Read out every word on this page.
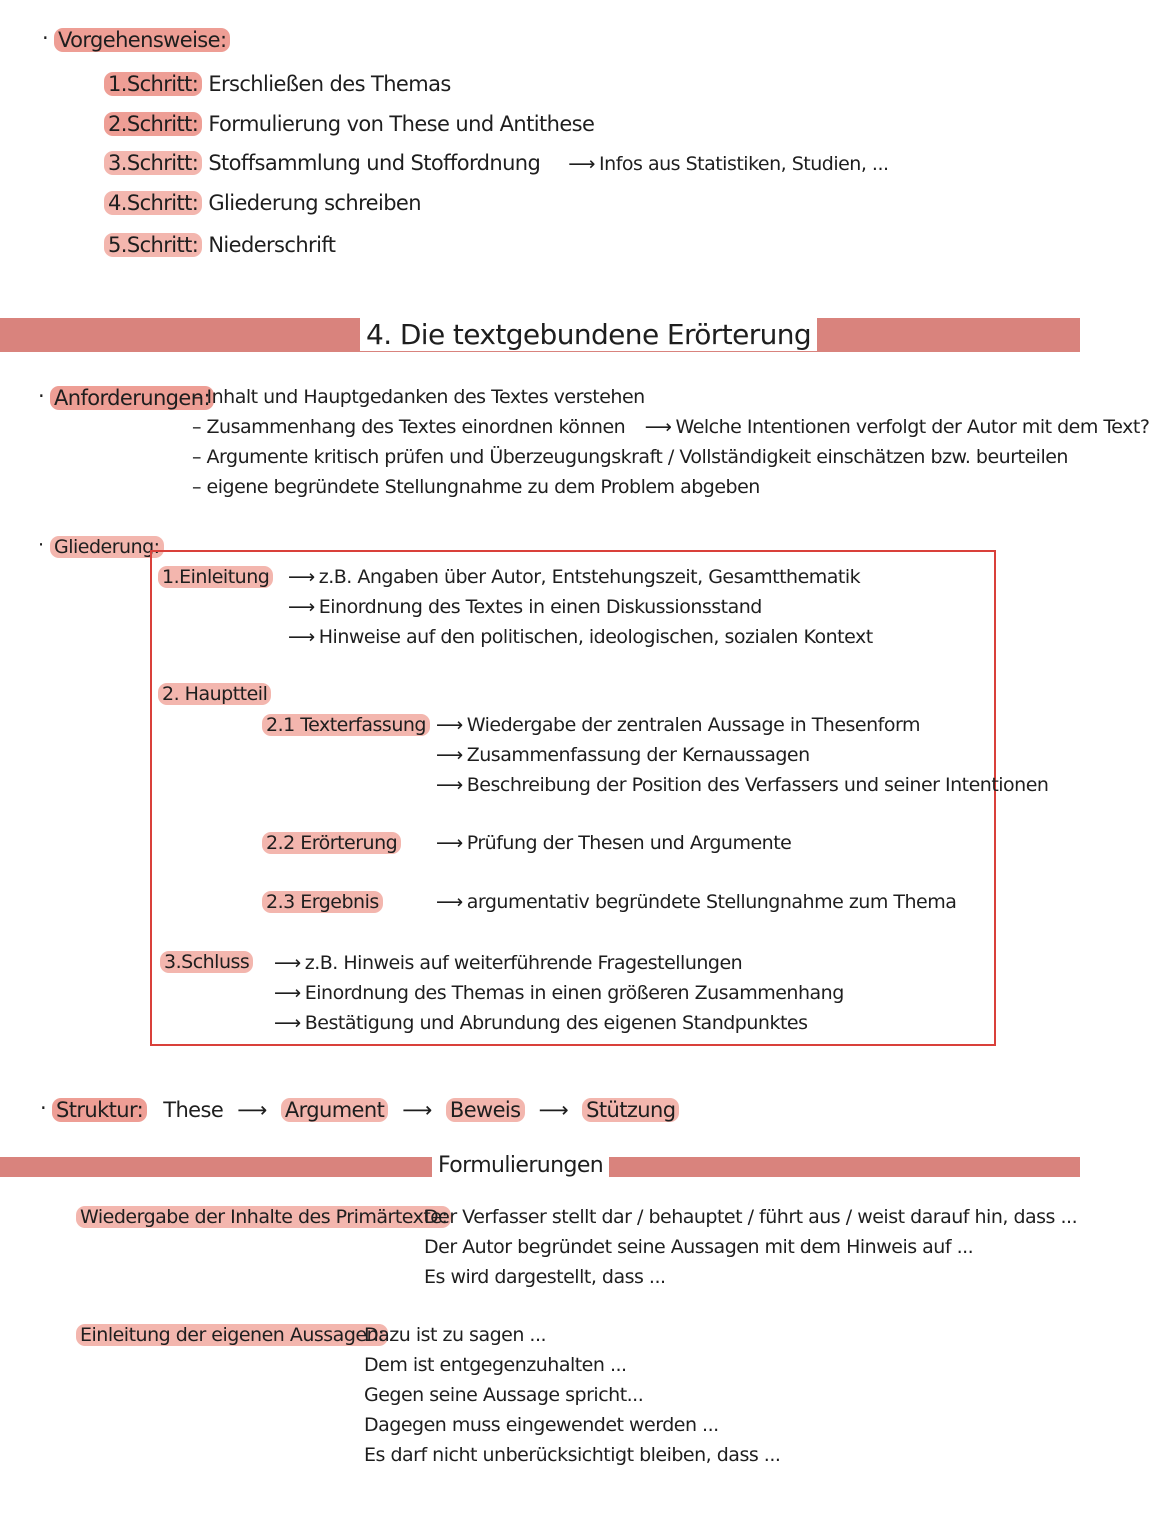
· Vorgehensweise:
1.Schritt: Erschließen des Themas
2.Schritt: Formulierung von These und Antithese
3.Schritt: Stoffsammlung und Stoffordnung ⟶ Infos aus Statistiken, Studien, ...
4.Schritt: Gliederung schreiben
5.Schritt: Niederschrift
4. Die textgebundene Erörterung
· Anforderungen:
– Inhalt und Hauptgedanken des Textes verstehen
– Zusammenhang des Textes einordnen können ⟶ Welche Intentionen verfolgt der Autor mit dem Text?
– Argumente kritisch prüfen und Überzeugungskraft / Vollständigkeit einschätzen bzw. beurteilen
– eigene begründete Stellungnahme zu dem Problem abgeben
· Gliederung:
1.Einleitung ⟶ z.B. Angaben über Autor, Entstehungszeit, Gesamtthematik
⟶ Einordnung des Textes in einen Diskussionsstand
⟶ Hinweise auf den politischen, ideologischen, sozialen Kontext
2. Hauptteil
2.1 Texterfassung ⟶ Wiedergabe der zentralen Aussage in Thesenform
⟶ Zusammenfassung der Kernaussagen
⟶ Beschreibung der Position des Verfassers und seiner Intentionen
2.2 Erörterung ⟶ Prüfung der Thesen und Argumente
2.3 Ergebnis	⟶ argumentativ begründete Stellungnahme zum Thema
3.Schluss ⟶ z.B. Hinweis auf weiterführende Fragestellungen
⟶ Einordnung des Themas in einen größeren Zusammenhang
⟶ Bestätigung und Abrundung des eigenen Standpunktes
· Struktur: These ⟶ Argument ⟶ Beweis ⟶ Stützung
Formulierungen
Wiedergabe der Inhalte des Primärtexte:
Der Verfasser stellt dar / behauptet / führt aus / weist darauf hin, dass ...
Der Autor begründet seine Aussagen mit dem Hinweis auf ...
Es wird dargestellt, dass ...
Einleitung der eigenen Aussagen:
Dazu ist zu sagen ...
Dem ist entgegenzuhalten ...
Gegen seine Aussage spricht...
Dagegen muss eingewendet werden ...
Es darf nicht unberücksichtigt bleiben, dass ...
